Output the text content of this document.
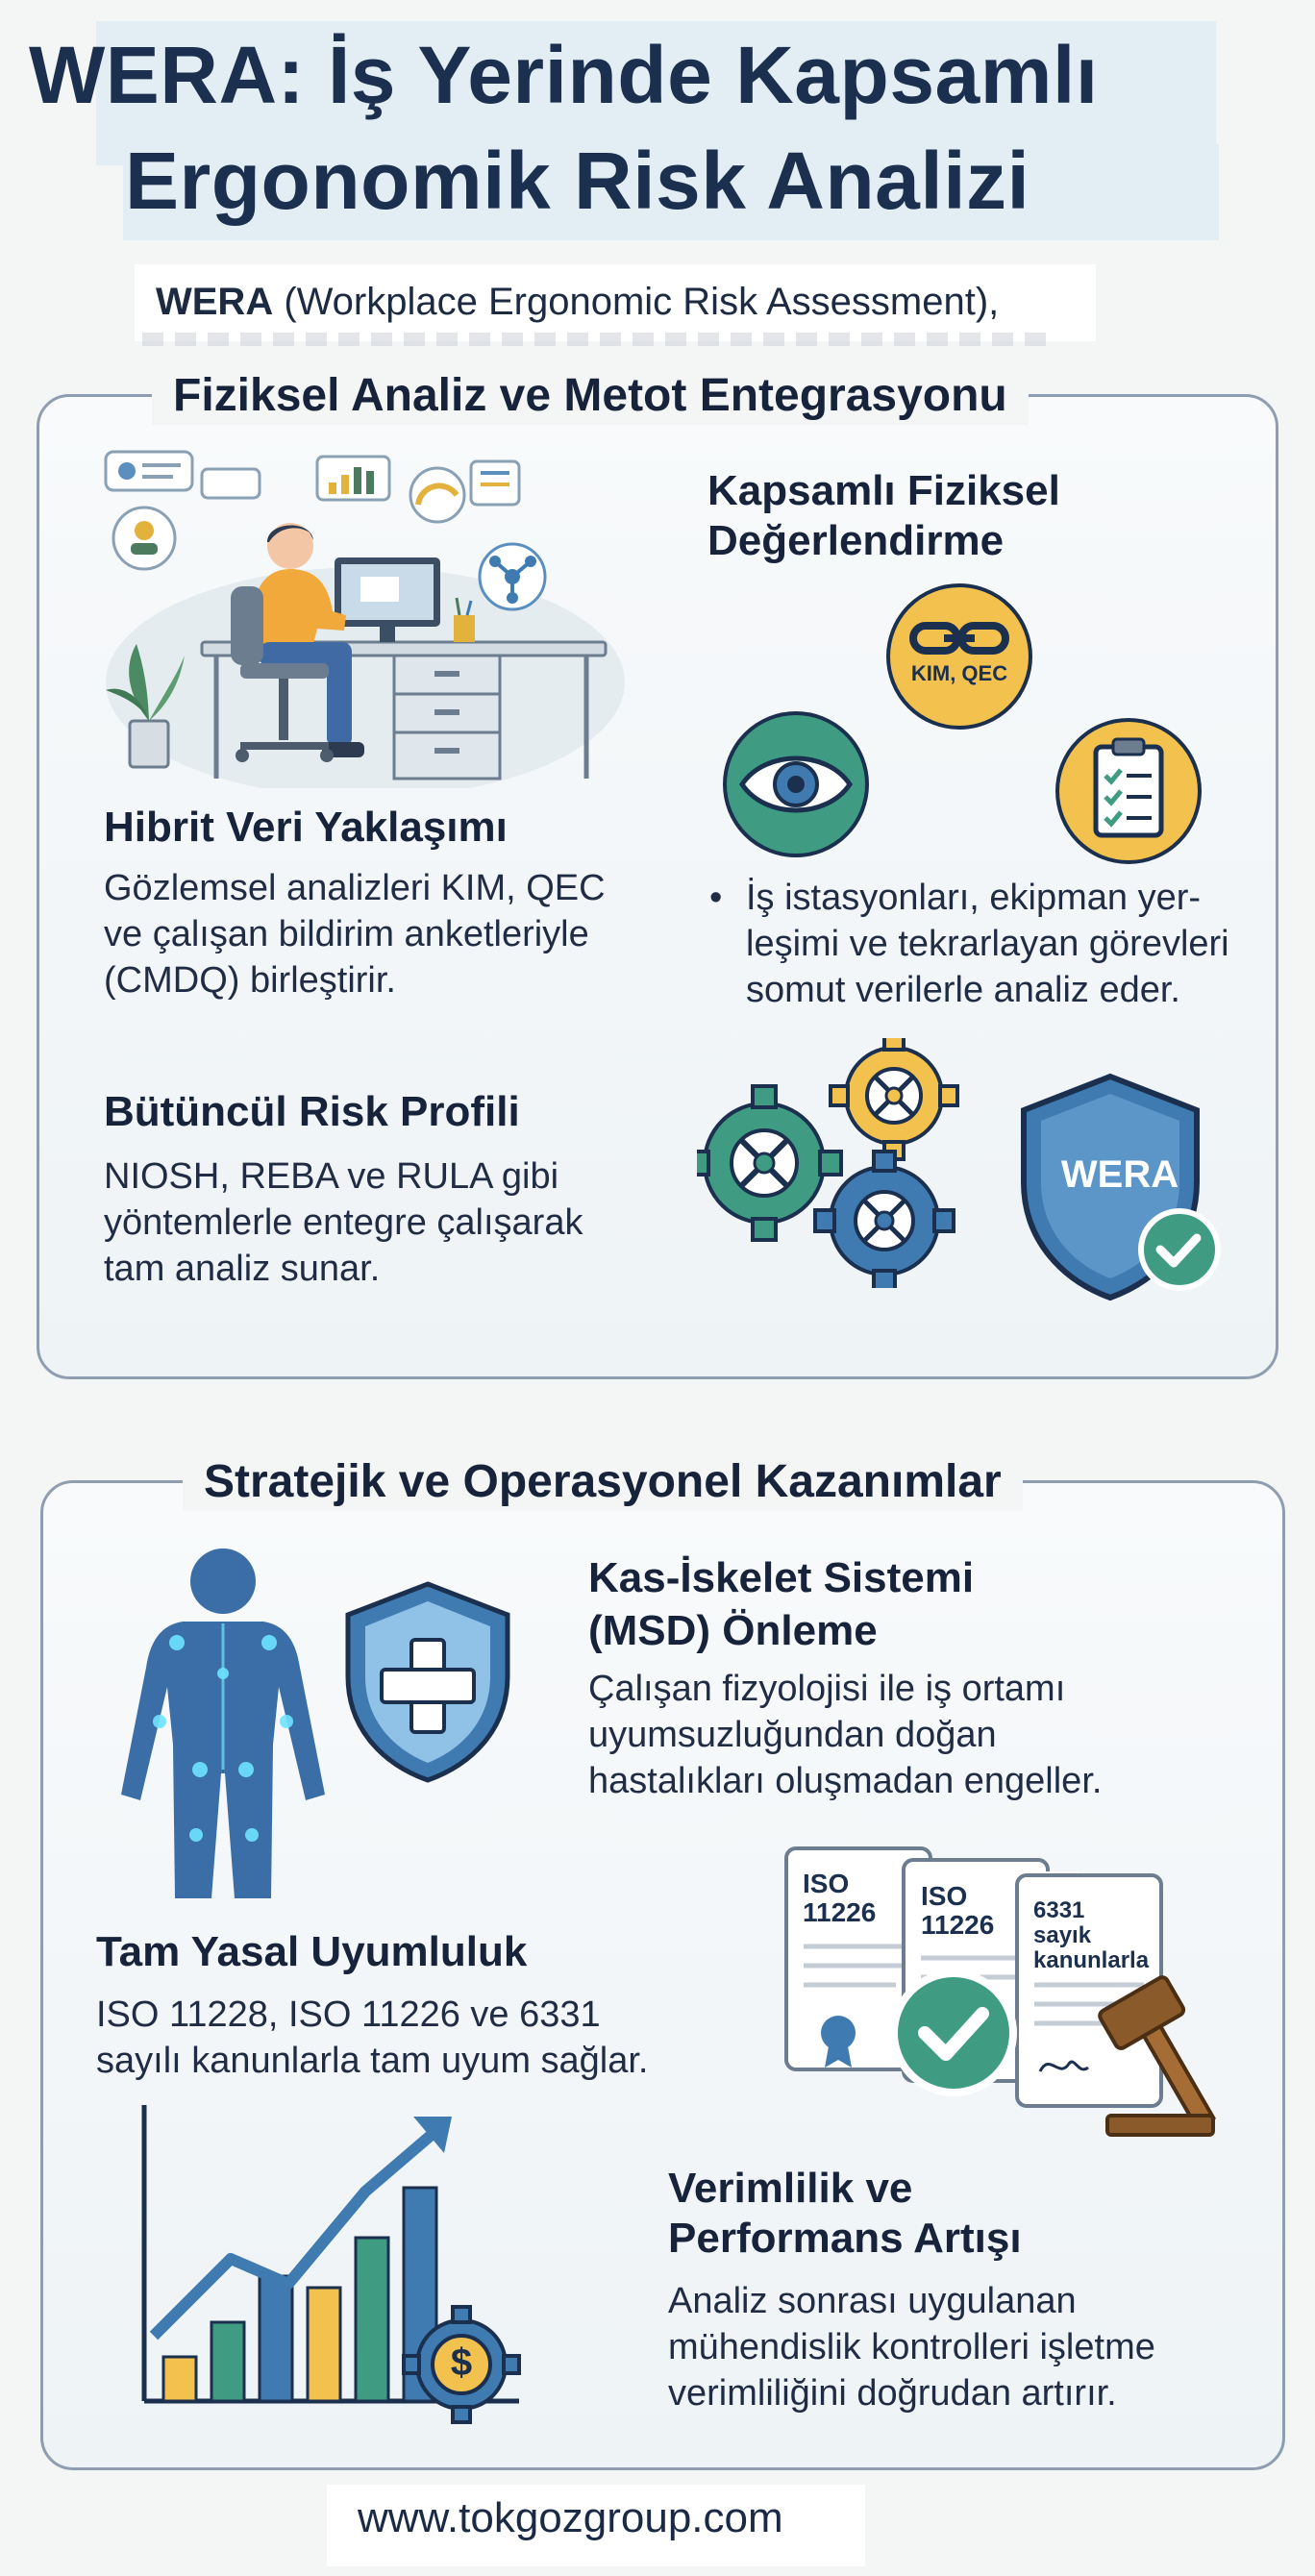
WERA: İş Yerinde Kapsamlı
Ergonomik Risk Analizi
WERA (Workplace Ergonomic Risk Assessment),
Fiziksel Analiz ve Metot Entegrasyonu
Hibrit Veri Yaklaşımı
Gözlemsel analizleri KIM, QEC
ve çalışan bildirim anketleriyle
(CMDQ) birleştirir.
Kapsamlı Fiziksel
Değerlendirme
KIM, QEC
• İş istasyonları, ekipman yer-
leşimi ve tekrarlayan görevleri
somut verilerle analiz eder.
Bütüncül Risk Profili
NIOSH, REBA ve RULA gibi
yöntemlerle entegre çalışarak
tam analiz sunar.
WERA
Stratejik ve Operasyonel Kazanımlar
Kas-İskelet Sistemi
(MSD) Önleme
Çalışan fizyolojisi ile iş ortamı
uyumsuzluğundan doğan
hastalıkları oluşmadan engeller.
Tam Yasal Uyumluluk
ISO 11228, ISO 11226 ve 6331
sayılı kanunlarla tam uyum sağlar.
ISO
11226
ISO
11226	6331
sayık
kanunlarla
$
Verimlilik ve
Performans Artışı
Analiz sonrası uygulanan
mühendislik kontrolleri işletme
verimliliğini doğrudan artırır.
www.tokgozgroup.com
